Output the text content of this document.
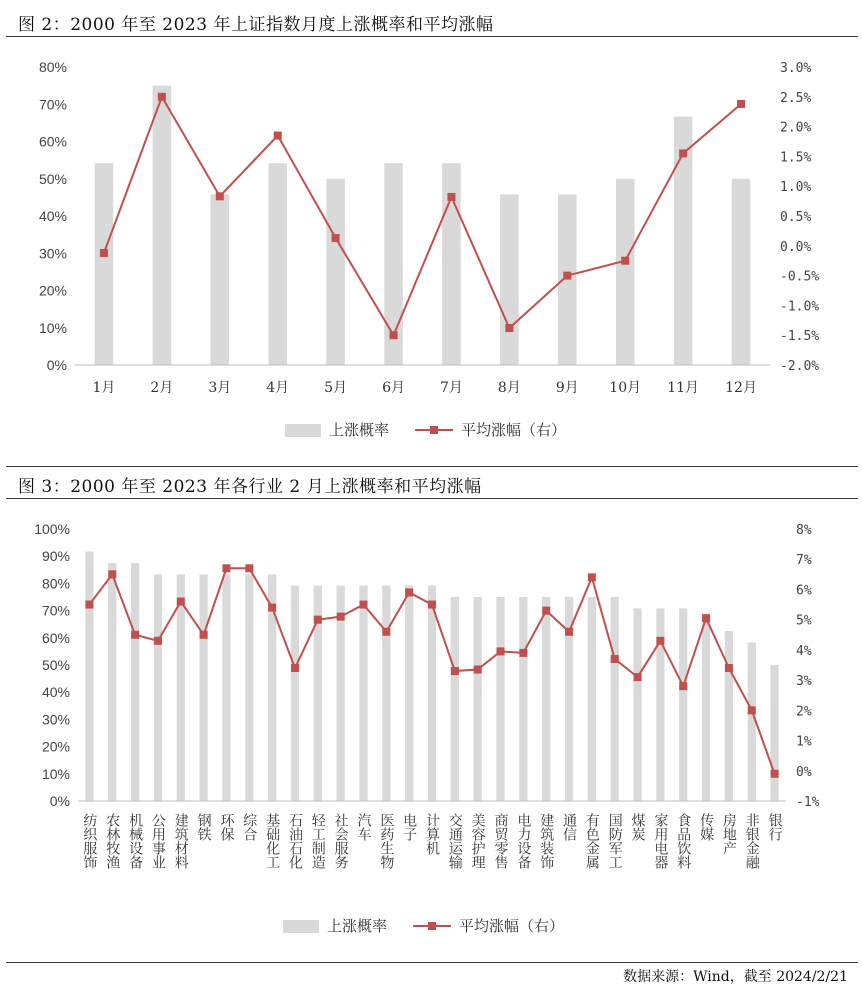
图 2：2000 年至 2023 年上证指数月度上涨概率和平均涨幅
0%
10%
20%
30%
40%
50%
60%
70%
80%
-2.0%
-1.5%
-1.0%
-0.5%
0.0%
0.5%
1.0%
1.5%
2.0%
2.5%
3.0%
1月 2月 3月 4月 5月 6月 7月 8月 9月 10月 11月 12月
上涨概率	平均涨幅（右）
图 3：2000 年至 2023 年各行业 2 月上涨概率和平均涨幅
0%
10%
20%
30%
40%
50%
60%
70%
80%
90%
100%
-1%
0%
1%
2%
3%
4%
5%
6%
7%
8%
纺织服饰 农林牧渔 机械设备 公用事业 建筑材料 钢铁 环保 综合 基础化工 石油石化 轻工制造 社会服务 汽车 医药生物 电子 计算机 交通运输 美容护理 商贸零售 电力设备 建筑装饰 通信 有色金属 国防军工 煤炭 家用电器 食品饮料 传媒 房地产 非银金融 银行
上涨概率	平均涨幅（右）
数据来源：Wind，截至 2024/2/21
